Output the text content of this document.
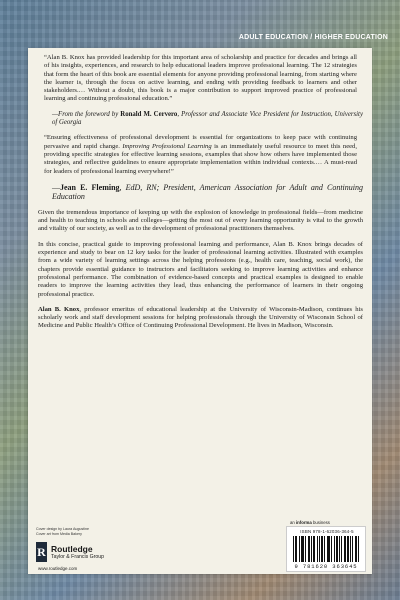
ADULT EDUCATION / HIGHER EDUCATION

“Alan B. Knox has provided leadership for this important area of scholarship and practice for decades and brings all of his insights, experiences, and research to help educational leaders improve professional learning. The 12 strategies that form the heart of this book are essential elements for anyone providing professional learning, from starting where the learner is, through the focus on active learning, and ending with providing feedback to learners and other stakeholders.… Without a doubt, this book is a major contribution to support improved practice of professional learning and continuing professional education.”

—From the foreword by Ronald M. Cervero, Professor and Associate Vice President for Instruction, University of Georgia

“Ensuring effectiveness of professional development is essential for organizations to keep pace with continuing pervasive and rapid change. Improving Professional Learning is an immediately useful resource to meet this need, providing specific strategies for effective learning sessions, examples that show how others have implemented those strategies, and reflective guidelines to ensure appropriate implementation within individual contexts.… A must-read for leaders of professional learning everywhere!”

—Jean E. Fleming, EdD, RN; President, American Association for Adult and Continuing Education

Given the tremendous importance of keeping up with the explosion of knowledge in professional fields—from medicine and health to teaching in schools and colleges—getting the most out of every learning opportunity is vital to the growth and vitality of our society, as well as to the development of professional practitioners themselves.

In this concise, practical guide to improving professional learning and performance, Alan B. Knox brings decades of experience and study to bear on 12 key tasks for the leader of professional learning activities. Illustrated with examples from a wide variety of learning settings across the helping professions (e.g., health care, teaching, social work), the chapters provide essential guidance to instructors and facilitators seeking to improve learning activities and enhance professional performance. The combination of evidence-based concepts and practical examples is designed to enable readers to improve the learning activities they lead, thus enhancing the performance of learners in their ongoing professional practice.

Alan B. Knox, professor emeritus of educational leadership at the University of Wisconsin-Madison, continues his scholarly work and staff development sessions for helping professionals through the University of Wisconsin School of Medicine and Public Health’s Office of Continuing Professional Development. He lives in Madison, Wisconsin.

Cover design by Laura Augustine
Cover art from Media Bakery
R Routledge
Taylor & Francis Group
www.routledge.com
an informa business
ISBN 978-1-62036-364-5
9 781620 363645
